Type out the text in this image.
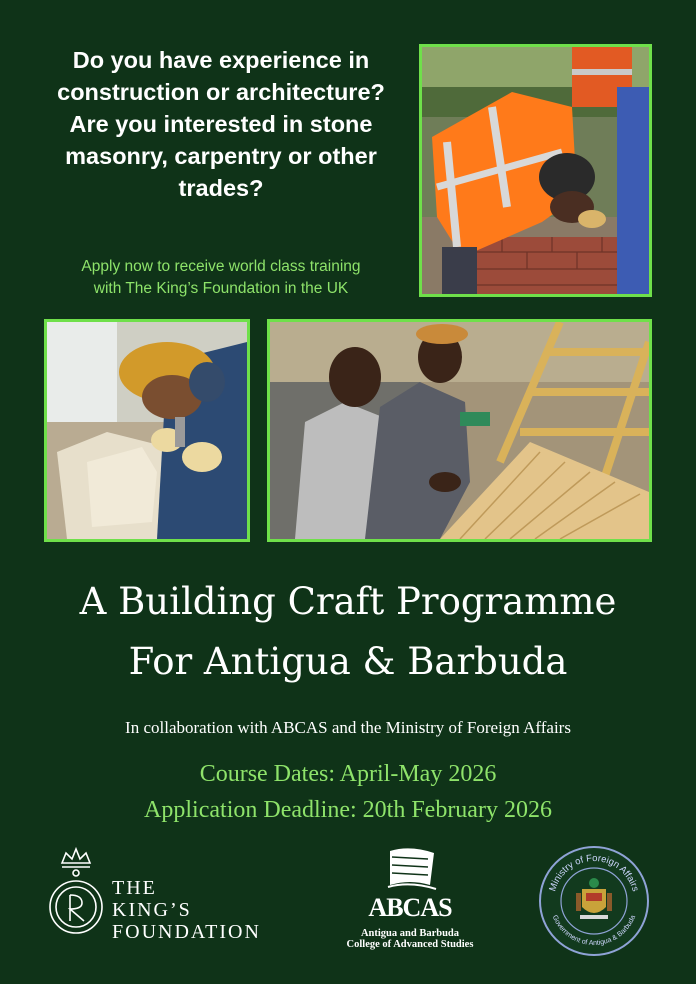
Do you have experience in
construction or architecture?
Are you interested in stone
masonry, carpentry or other
trades?
Apply now to receive world class training
with The King’s Foundation in the UK
A Building Craft Programme
For Antigua & Barbuda
In collaboration with ABCAS and the Ministry of Foreign Affairs
Course Dates: April-May 2026
Application Deadline: 20th February 2026
THE
KING’S
FOUNDATION
ABCAS
Antigua and Barbuda
College of Advanced Studies
Ministry of Foreign Affairs
Government of Antigua & Barbuda
